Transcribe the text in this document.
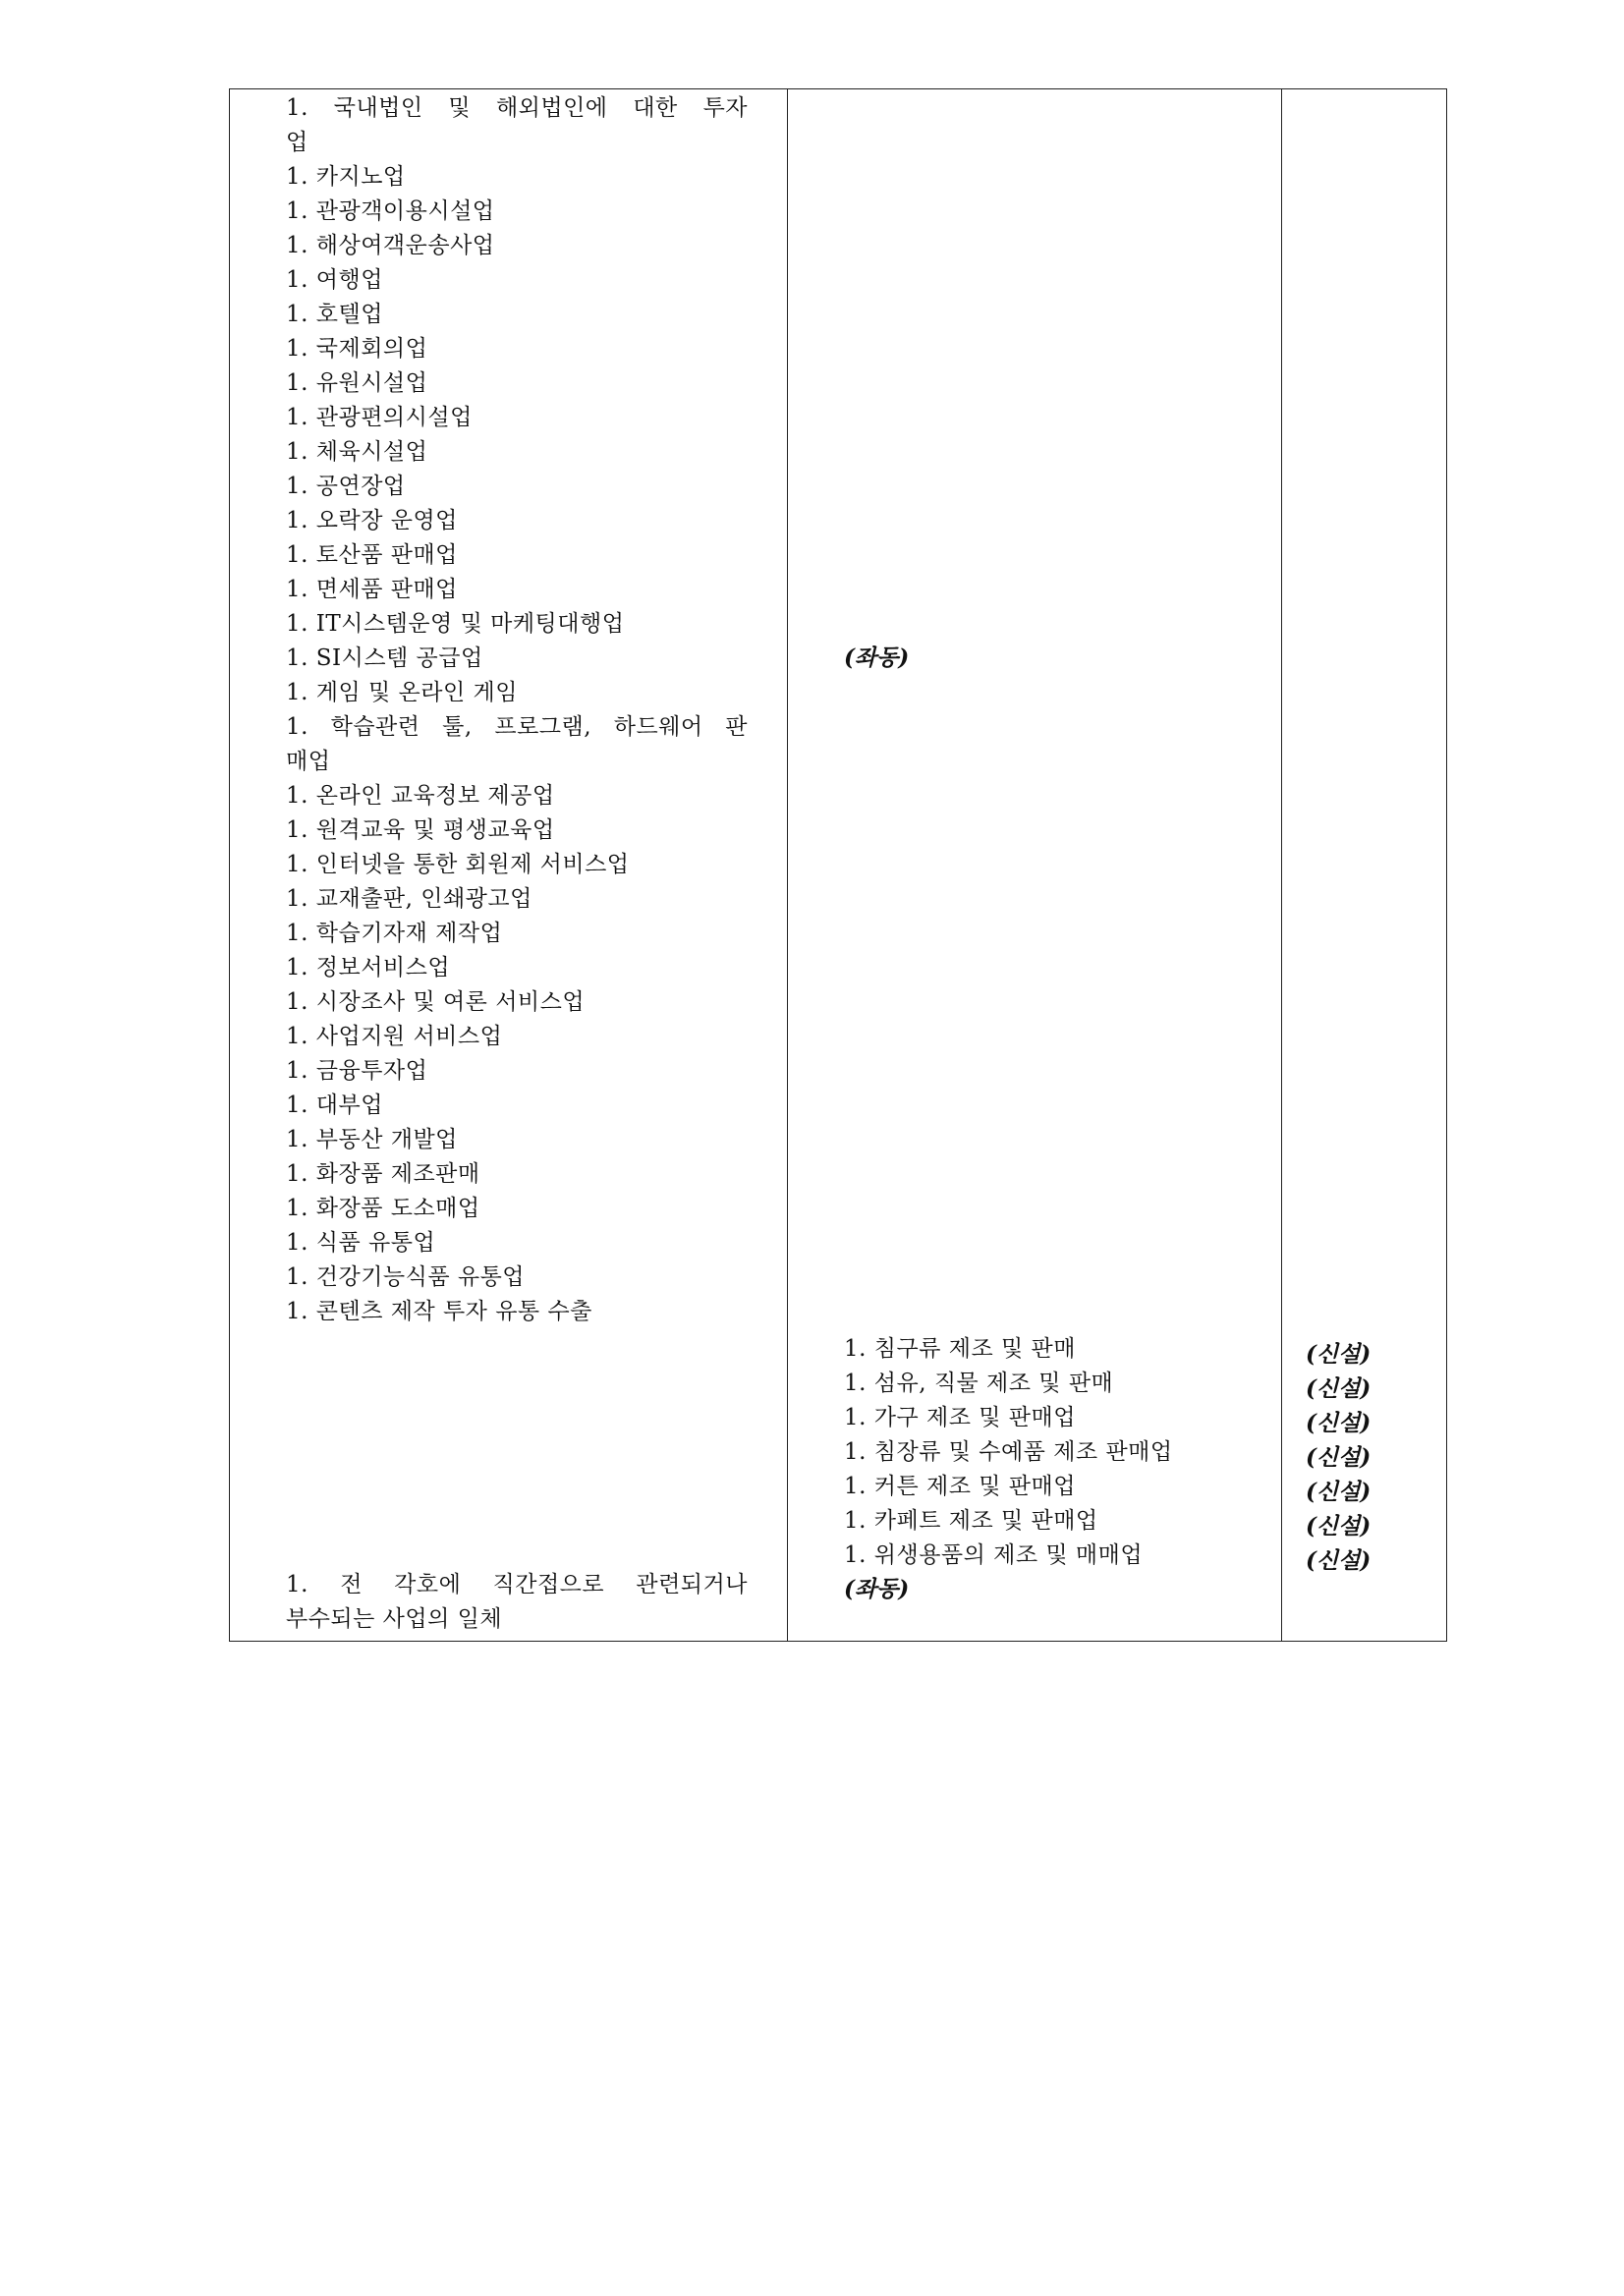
1. 국내법인 및 해외법인에 대한 투자
업
1. 카지노업
1. 관광객이용시설업
1. 해상여객운송사업
1. 여행업
1. 호텔업
1. 국제회의업
1. 유원시설업
1. 관광편의시설업
1. 체육시설업
1. 공연장업
1. 오락장 운영업
1. 토산품 판매업
1. 면세품 판매업
1. IT시스템운영 및 마케팅대행업
1. SI시스템 공급업
1. 게임 및 온라인 게임
1. 학습관련 툴, 프로그램, 하드웨어 판
매업
1. 온라인 교육정보 제공업
1. 원격교육 및 평생교육업
1. 인터넷을 통한 회원제 서비스업
1. 교재출판, 인쇄광고업
1. 학습기자재 제작업
1. 정보서비스업
1. 시장조사 및 여론 서비스업
1. 사업지원 서비스업
1. 금융투자업
1. 대부업
1. 부동산 개발업
1. 화장품 제조판매
1. 화장품 도소매업
1. 식품 유통업
1. 건강기능식품 유통업
1. 콘텐츠 제작 투자 유통 수출
1. 전 각호에 직간접으로 관련되거나
부수되는 사업의 일체
(좌동)
1. 침구류 제조 및 판매
1. 섬유, 직물 제조 및 판매
1. 가구 제조 및 판매업
1. 침장류 및 수예품 제조 판매업
1. 커튼 제조 및 판매업
1. 카페트 제조 및 판매업
1. 위생용품의 제조 및 매매업
(좌동)
(신설)
(신설)
(신설)
(신설)
(신설)
(신설)
(신설)
